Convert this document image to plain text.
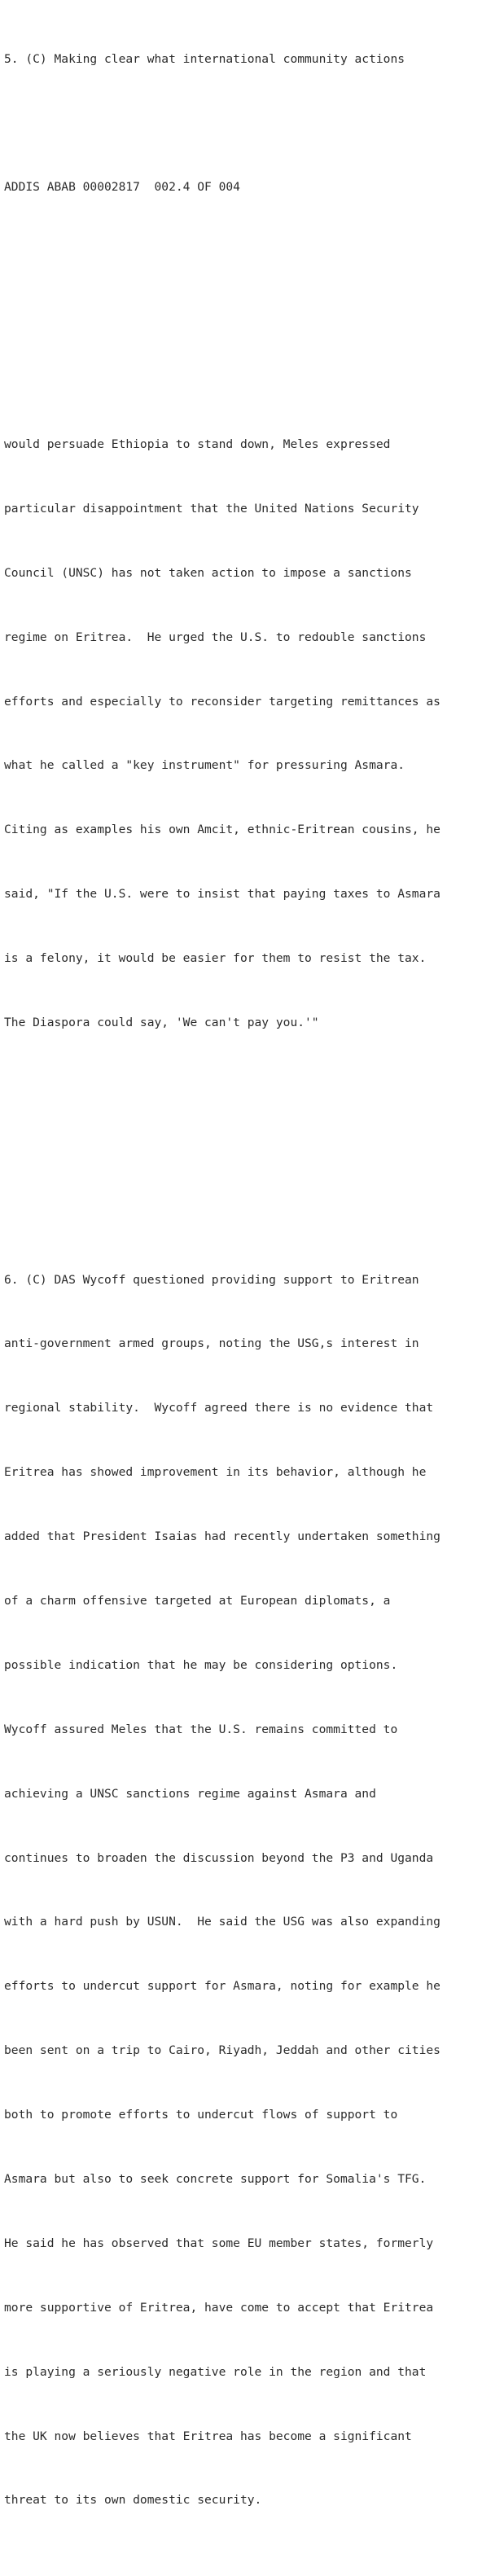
5. (C) Making clear what international community actions

ADDIS ABAB 00002817  002.4 OF 004

would persuade Ethiopia to stand down, Meles expressed

particular disappointment that the United Nations Security

Council (UNSC) has not taken action to impose a sanctions

regime on Eritrea.  He urged the U.S. to redouble sanctions

efforts and especially to reconsider targeting remittances as

what he called a "key instrument" for pressuring Asmara.

Citing as examples his own Amcit, ethnic-Eritrean cousins, he

said, "If the U.S. were to insist that paying taxes to Asmara

is a felony, it would be easier for them to resist the tax.

The Diaspora could say, 'We can't pay you.'"

6. (C) DAS Wycoff questioned providing support to Eritrean

anti-government armed groups, noting the USG,s interest in

regional stability.  Wycoff agreed there is no evidence that

Eritrea has showed improvement in its behavior, although he

added that President Isaias had recently undertaken something

of a charm offensive targeted at European diplomats, a

possible indication that he may be considering options.

Wycoff assured Meles that the U.S. remains committed to

achieving a UNSC sanctions regime against Asmara and

continues to broaden the discussion beyond the P3 and Uganda

with a hard push by USUN.  He said the USG was also expanding

efforts to undercut support for Asmara, noting for example he

been sent on a trip to Cairo, Riyadh, Jeddah and other cities

both to promote efforts to undercut flows of support to

Asmara but also to seek concrete support for Somalia's TFG.

He said he has observed that some EU member states, formerly

more supportive of Eritrea, have come to accept that Eritrea

is playing a seriously negative role in the region and that

the UK now believes that Eritrea has become a significant

threat to its own domestic security.
